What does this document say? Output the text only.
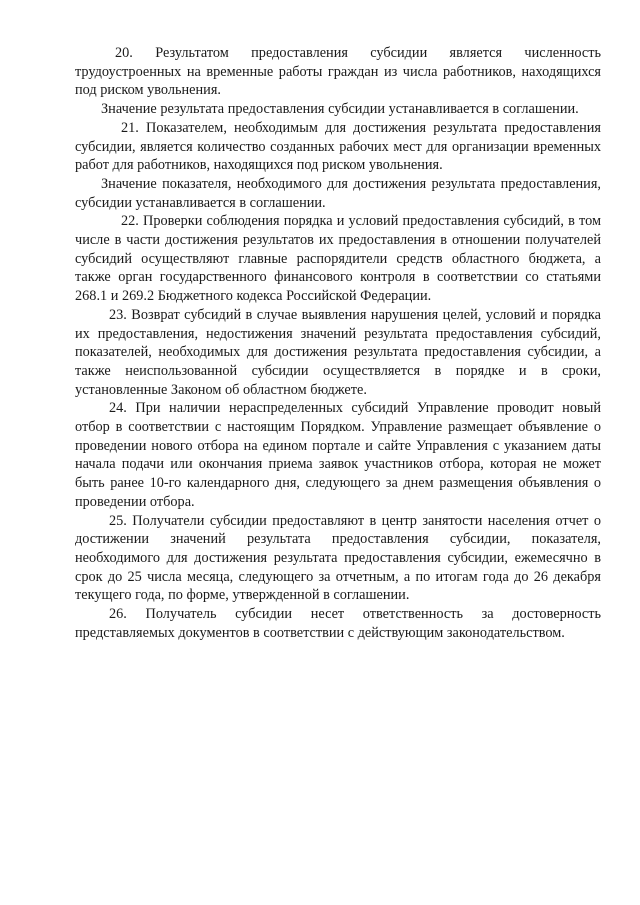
20. Результатом предоставления субсидии является численность трудоустроенных на временные работы граждан из числа работников, находящихся под риском увольнения.

Значение результата предоставления субсидии устанавливается в соглашении.

21. Показателем, необходимым для достижения результата предоставления субсидии, является количество созданных рабочих мест для организации временных работ для работников, находящихся под риском увольнения.

Значение показателя, необходимого для достижения результата предоставления, субсидии устанавливается в соглашении.

22. Проверки соблюдения порядка и условий предоставления субсидий, в том числе в части достижения результатов их предоставления в отношении получателей субсидий осуществляют главные распорядители средств областного бюджета, а также орган государственного финансового контроля в соответствии со статьями 268.1 и 269.2 Бюджетного кодекса Российской Федерации.

23. Возврат субсидий в случае выявления нарушения целей, условий и порядка их предоставления, недостижения значений результата предоставления субсидий, показателей, необходимых для достижения результата предоставления субсидии, а также неиспользованной субсидии осуществляется в порядке и в сроки, установленные Законом об областном бюджете.

24. При наличии нераспределенных субсидий Управление проводит новый отбор в соответствии с настоящим Порядком. Управление размещает объявление о проведении нового отбора на едином портале и сайте Управления с указанием даты начала подачи или окончания приема заявок участников отбора, которая не может быть ранее 10-го календарного дня, следующего за днем размещения объявления о проведении отбора.

25. Получатели субсидии предоставляют в центр занятости населения отчет о достижении значений результата предоставления субсидии, показателя, необходимого для достижения результата предоставления субсидии, ежемесячно в срок до 25 числа месяца, следующего за отчетным, а по итогам года до 26 декабря текущего года, по форме, утвержденной в соглашении.

26. Получатель субсидии несет ответственность за достоверность представляемых документов в соответствии с действующим законодательством.
